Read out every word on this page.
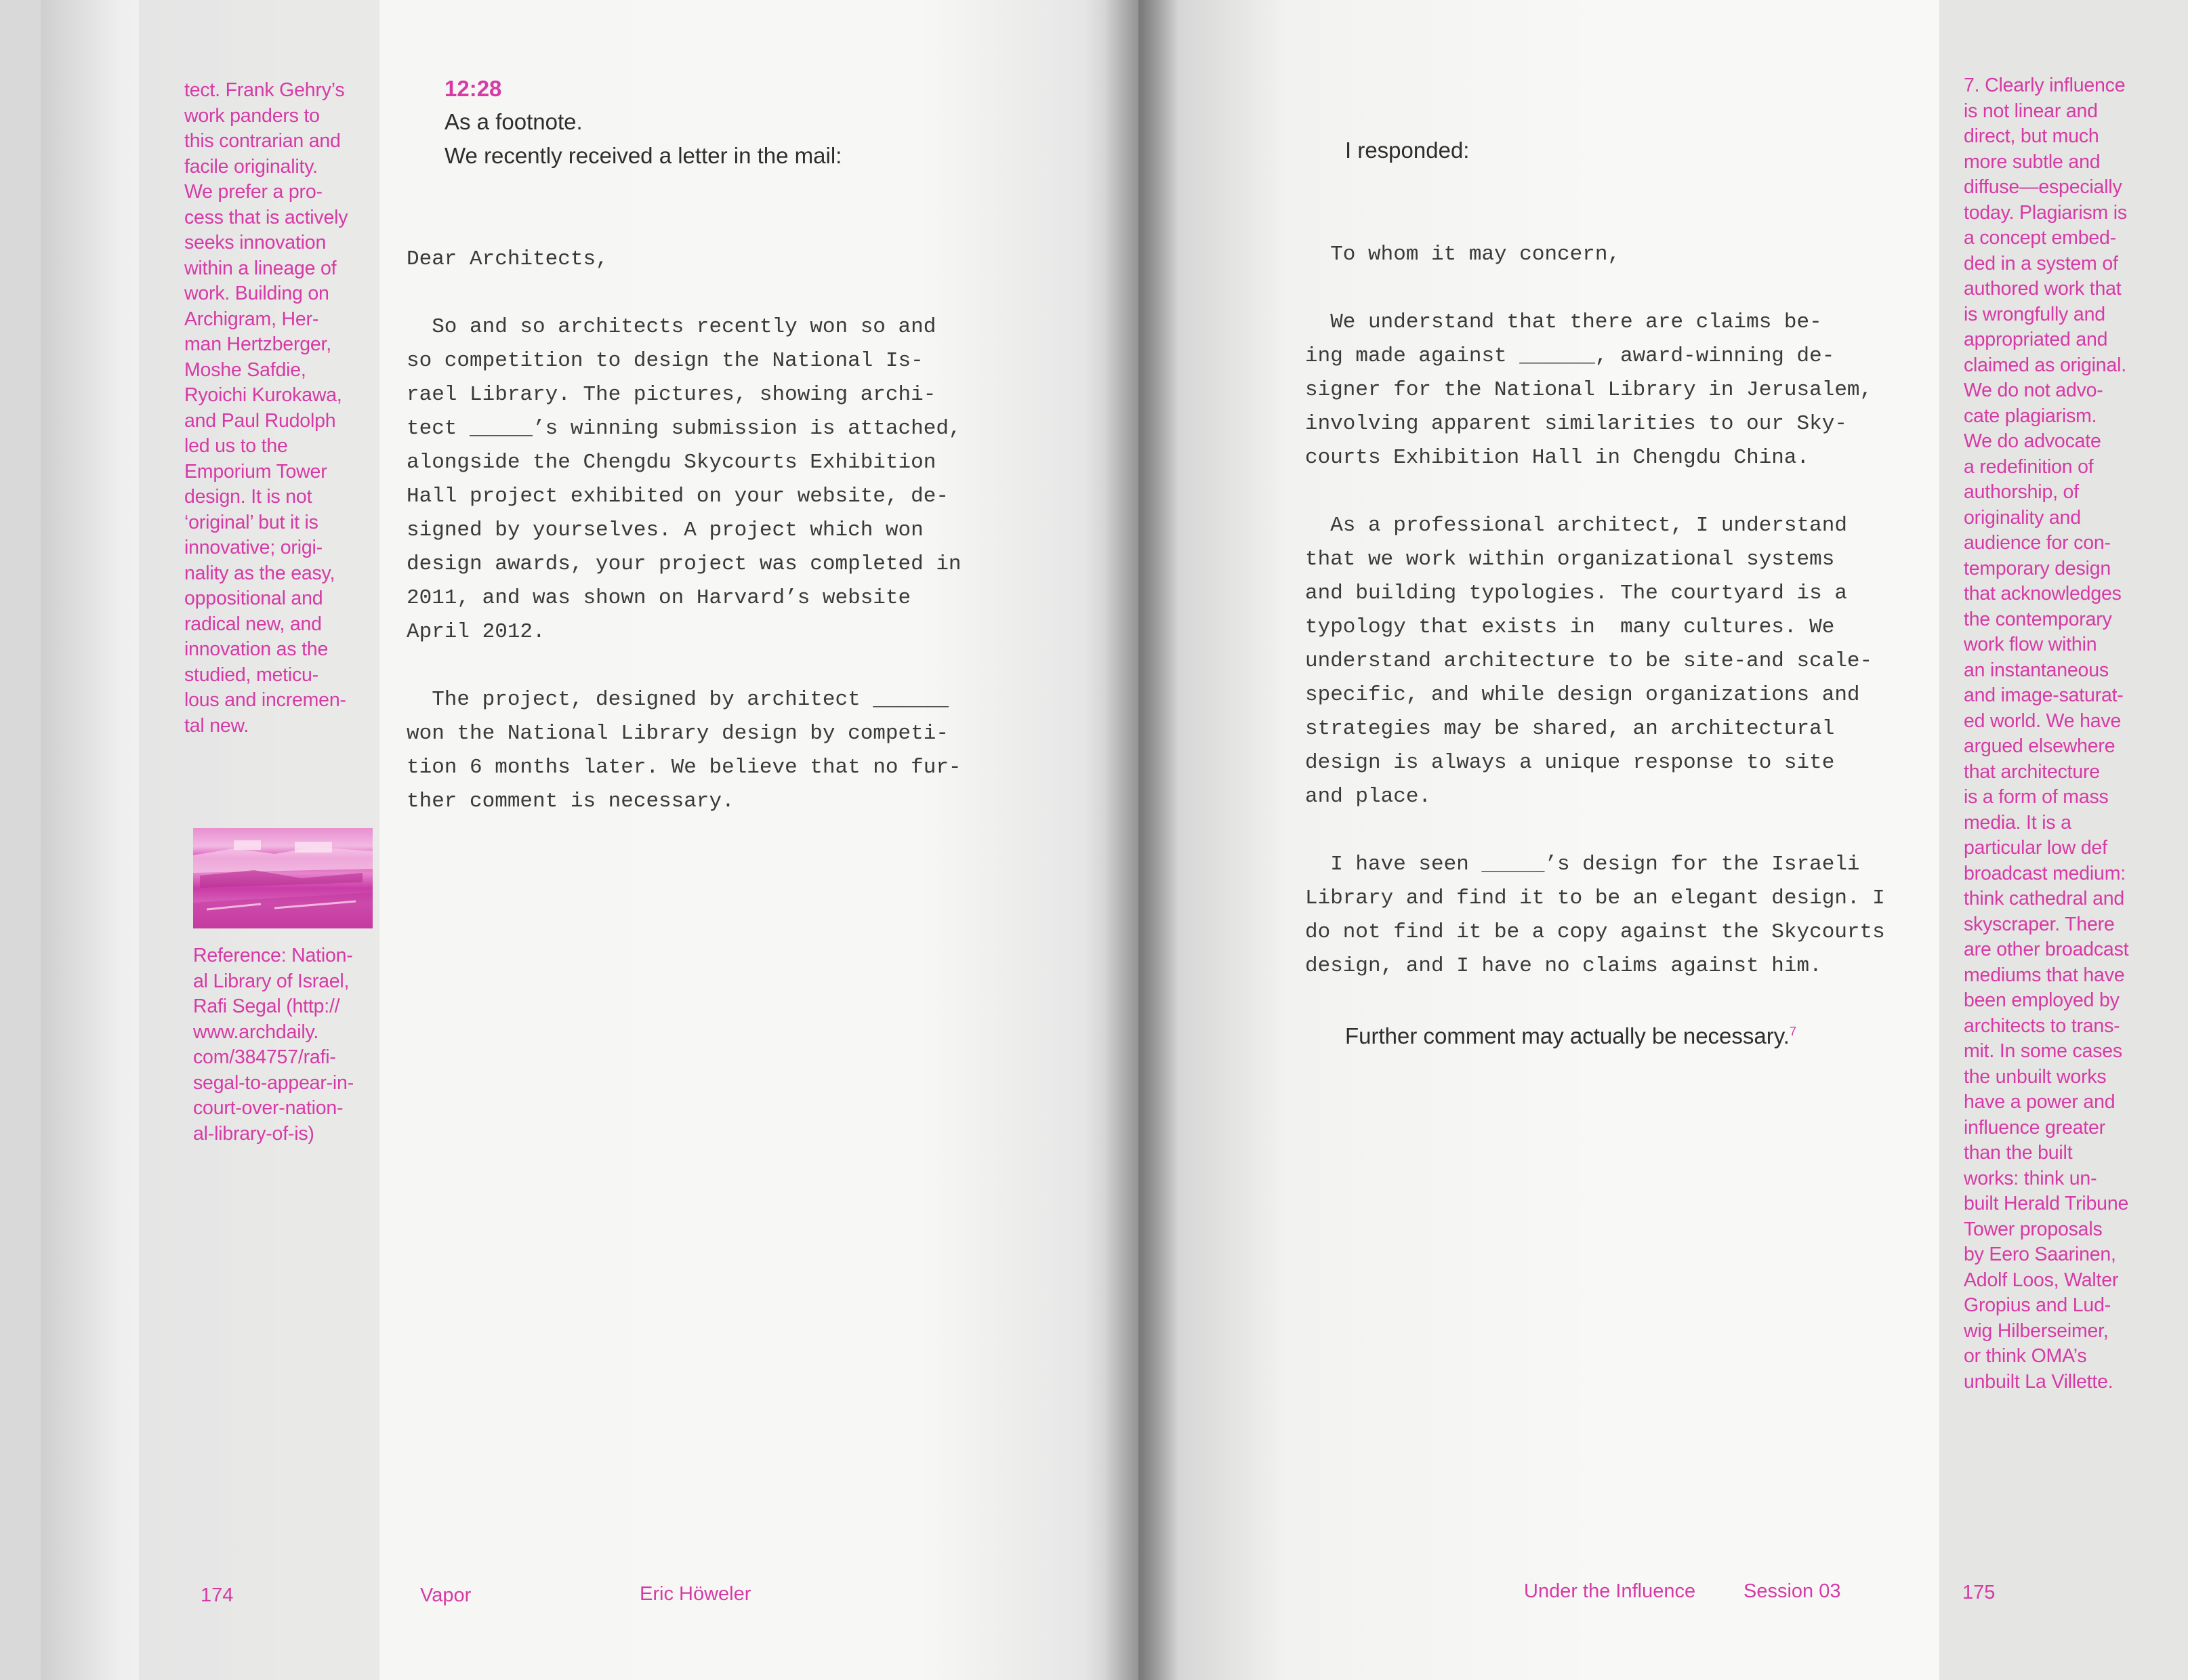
tect. Frank Gehry’s
work panders to
this contrarian and
facile originality.
We prefer a pro-
cess that is actively
seeks innovation
within a lineage of
work. Building on
Archigram, Her-
man Hertzberger,
Moshe Safdie,
Ryoichi Kurokawa,
and Paul Rudolph
led us to the
Emporium Tower
design. It is not
‘original’ but it is
innovative; origi-
nality as the easy,
oppositional and
radical new, and
innovation as the
studied, meticu-
lous and incremen-
tal new.
Reference: Nation-
al Library of Israel,
Rafi Segal (http://
www.archdaily.
com/384757/rafi-
segal-to-appear-in-
court-over-nation-
al-library-of-is)
12:28
As a footnote.
We recently received a letter in the mail:
Dear Architects,

So and so architects recently won so and
so competition to design the National Is-
rael Library. The pictures, showing archi-
tect _____’s winning submission is attached,
alongside the Chengdu Skycourts Exhibition
Hall project exhibited on your website, de-
signed by yourselves. A project which won
design awards, your project was completed in
2011, and was shown on Harvard’s website
April 2012.

The project, designed by architect ______
won the National Library design by competi-
tion 6 months later. We believe that no fur-
ther comment is necessary.
174	Vapor	Eric Höweler
I responded:
To whom it may concern,

We understand that there are claims be-
ing made against ______, award-winning de-
signer for the National Library in Jerusalem,
involving apparent similarities to our Sky-
courts Exhibition Hall in Chengdu China.

As a professional architect, I understand
that we work within organizational systems
and building typologies. The courtyard is a
typology that exists in  many cultures. We
understand architecture to be site-and scale-
specific, and while design organizations and
strategies may be shared, an architectural
design is always a unique response to site
and place.

I have seen _____’s design for the Israeli
Library and find it to be an elegant design. I
do not find it be a copy against the Skycourts
design, and I have no claims against him.
Further comment may actually be necessary.$^7$
7. Clearly influence
is not linear and
direct, but much
more subtle and
diffuse—especially
today. Plagiarism is
a concept embed-
ded in a system of
authored work that
is wrongfully and
appropriated and
claimed as original.
We do not advo-
cate plagiarism.
We do advocate
a redefinition of
authorship, of
originality and
audience for con-
temporary design
that acknowledges
the contemporary
work flow within
an instantaneous
and image-saturat-
ed world. We have
argued elsewhere
that architecture
is a form of mass
media. It is a
particular low def
broadcast medium:
think cathedral and
skyscraper. There
are other broadcast
mediums that have
been employed by
architects to trans-
mit. In some cases
the unbuilt works
have a power and
influence greater
than the built
works: think un-
built Herald Tribune
Tower proposals
by Eero Saarinen,
Adolf Loos, Walter
Gropius and Lud-
wig Hilberseimer,
or think OMA’s
unbuilt La Villette.
Under the Influence Session 03	175
